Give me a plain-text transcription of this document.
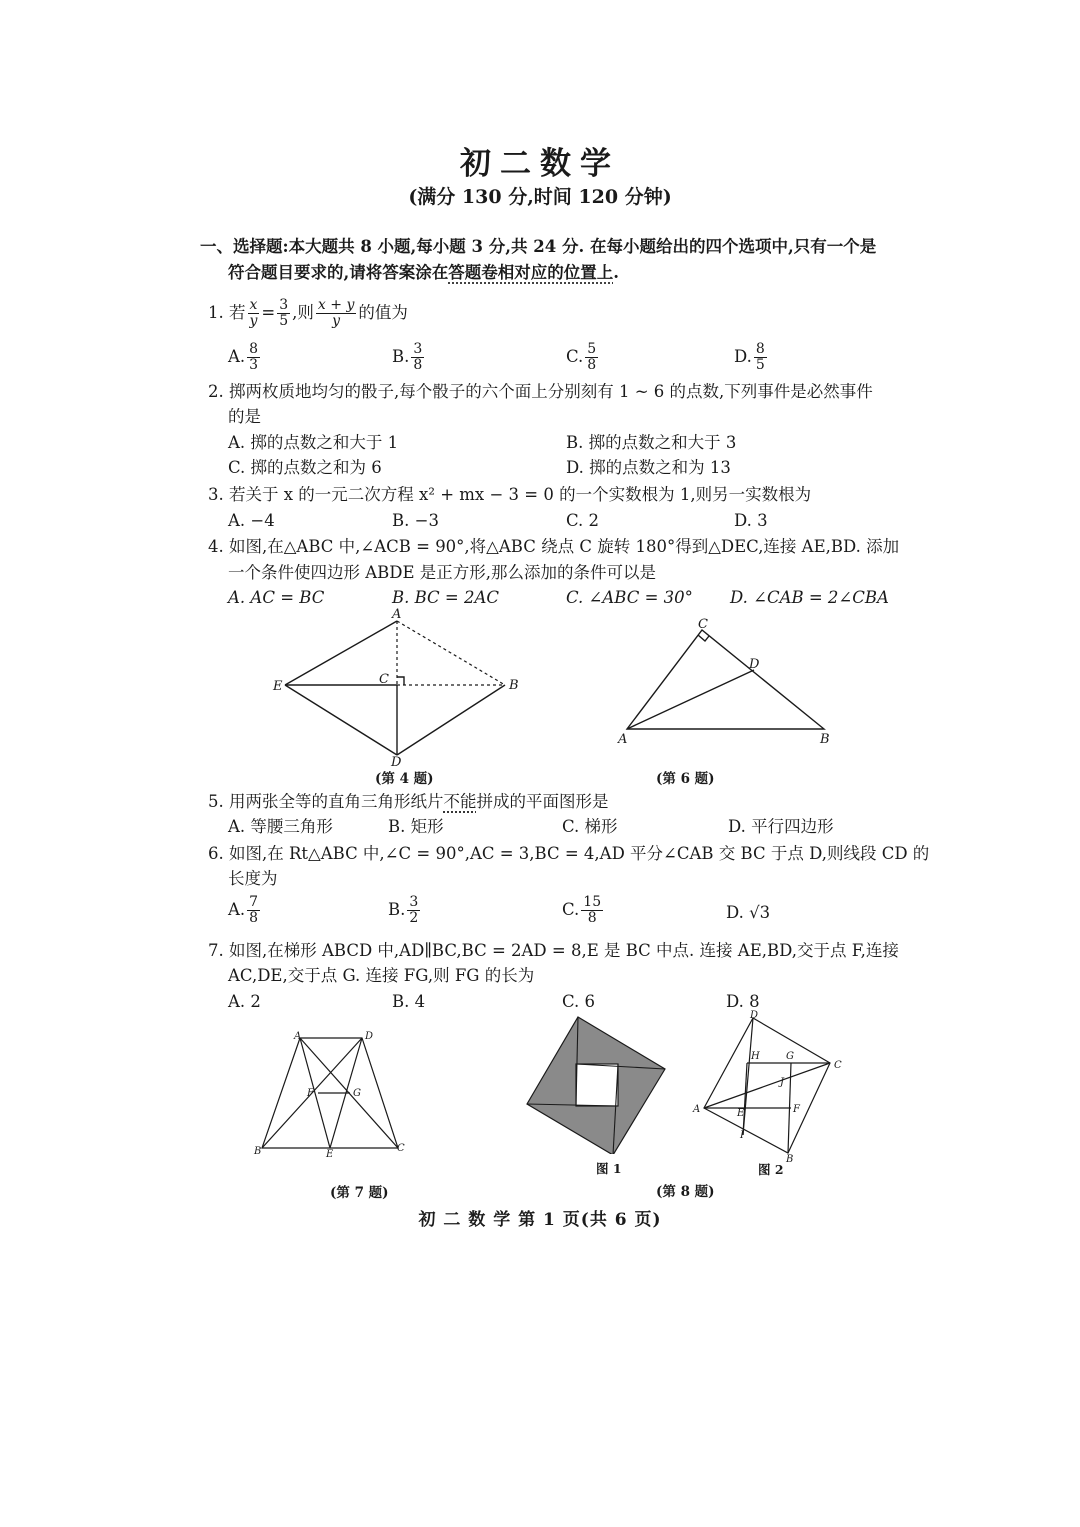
初二数学
(满分 130 分,时间 120 分钟)
一、选择题:本大题共 8 小题,每小题 3 分,共 24 分. 在每小题给出的四个选项中,只有一个是
符合题目要求的,请将答案涂在答题卷相对应的位置上.
1. 若 $\frac{x}{y} = \frac{3}{5}$ ,则 $\frac{x + y}{y}$ 的值为
A. $\frac{8}{3}$	B. $\frac{3}{8}$	C. $\frac{5}{8}$	D. $\frac{8}{5}$
2. 掷两枚质地均匀的骰子,每个骰子的六个面上分别刻有 1 ~ 6 的点数,下列事件是必然事件
的是
A. 掷的点数之和大于 1	B. 掷的点数之和大于 3
C. 掷的点数之和为 6	D. 掷的点数之和为 13
3. 若关于 x 的一元二次方程 x² + mx − 3 = 0 的一个实数根为 1,则另一实数根为
A. −4	B. −3	C. 2	D. 3
4. 如图,在△ABC 中,∠ACB = 90°,将△ABC 绕点 C 旋转 180°得到△DEC,连接 AE,BD. 添加
一个条件使四边形 ABDE 是正方形,那么添加的条件可以是
A. AC = BC	B. BC = 2AC	C. ∠ABC = 30° D. ∠CAB = 2∠CBA
A
B
C
D
E
(第 4 题)
C
D
A	B
(第 6 题)
5. 用两张全等的直角三角形纸片不能拼成的平面图形是
A. 等腰三角形	B. 矩形	C. 梯形	D. 平行四边形
6. 如图,在 Rt△ABC 中,∠C = 90°,AC = 3,BC = 4,AD 平分∠CAB 交 BC 于点 D,则线段 CD 的
长度为
A. $\frac{7}{8}$	B. $\frac{3}{2}$	C. $\frac{15}{8}$	D. √3
7. 如图,在梯形 ABCD 中,AD∥BC,BC = 2AD = 8,E 是 BC 中点. 连接 AE,BD,交于点 F,连接
AC,DE,交于点 G. 连接 FG,则 FG 的长为
A. 2	B. 4	C. 6	D. 8
A	D
B	C
E
F	G
(第 7 题)
图 1
D
C
B
A
H	G
J
E	F
I
图 2
(第 8 题)
初 二 数 学 第 1 页(共 6 页)
